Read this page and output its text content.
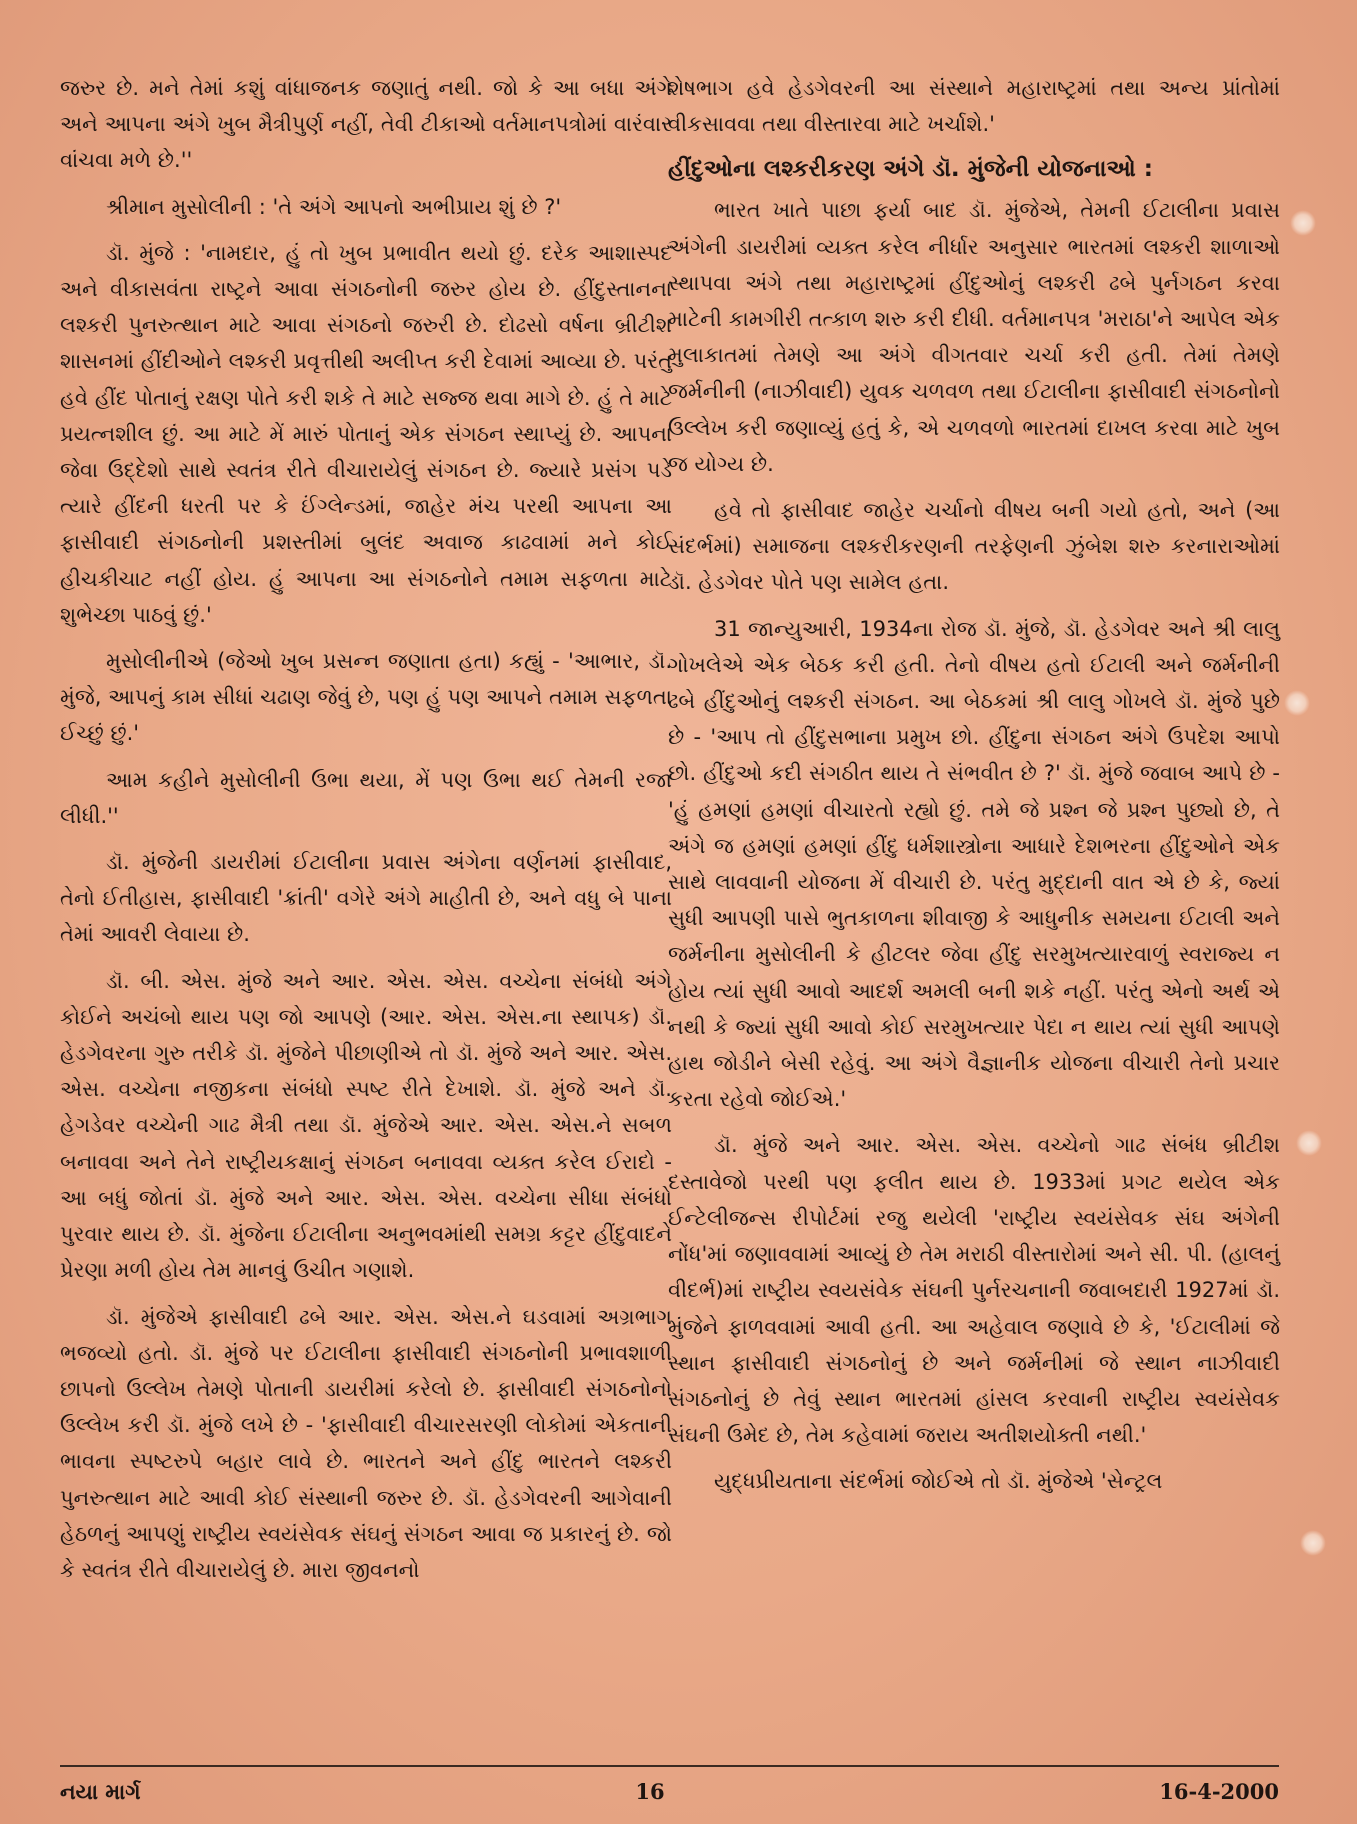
જરુર છે. મને તેમાં કશું વાંધાજનક જણાતું નથી. જો કે આ બધા અંગે અને આપના અંગે ખુબ મૈત્રીપુર્ણ નહીં, તેવી ટીકાઓ વર્તમાનપત્રોમાં વારંવાર વાંચવા મળે છે.''

શ્રીમાન મુસોલીની : 'તે અંગે આપનો અભીપ્રાય શું છે ?'

ડૉ. મુંજે : 'નામદાર, હું તો ખુબ પ્રભાવીત થયો છું. દરેક આશાસ્પદ અને વીકાસવંતા રાષ્ટ્રને આવા સંગઠનોની જરુર હોય છે. હીંદુસ્તાનના લશ્કરી પુનરુત્થાન માટે આવા સંગઠનો જરુરી છે. દોઢસો વર્ષના બ્રીટીશ શાસનમાં હીંદીઓને લશ્કરી પ્રવૃત્તીથી અલીપ્ત કરી દેવામાં આવ્યા છે. પરંતુ હવે હીંદ પોતાનું રક્ષણ પોતે કરી શકે તે માટે સજ્જ થવા માગે છે. હું તે માટે પ્રયત્નશીલ છું. આ માટે મેં મારું પોતાનું એક સંગઠન સ્થાપ્યું છે. આપના જેવા ઉદ્દેશો સાથે સ્વતંત્ર રીતે વીચારાયેલું સંગઠન છે. જ્યારે પ્રસંગ પડે ત્યારે હીંદની ધરતી પર કે ઈંગ્લેન્ડમાં, જાહેર મંચ પરથી આપના આ ફાસીવાદી સંગઠનોની પ્રશસ્તીમાં બુલંદ અવાજ કાઢવામાં મને કોઈ હીચકીચાટ નહીં હોય. હું આપના આ સંગઠનોને તમામ સફળતા માટે શુભેચ્છા પાઠવું છું.'

મુસોલીનીએ (જેઓ ખુબ પ્રસન્ન જણાતા હતા) કહ્યું - 'આભાર, ડૉ. મુંજે, આપનું કામ સીધાં ચઢાણ જેવું છે, પણ હું પણ આપને તમામ સફળતા ઈચ્છું છું.'

આમ કહીને મુસોલીની ઉભા થયા, મેં પણ ઉભા થઈ તેમની રજા લીધી.''

ડૉ. મુંજેની ડાયરીમાં ઈટાલીના પ્રવાસ અંગેના વર્ણનમાં ફાસીવાદ, તેનો ઈતીહાસ, ફાસીવાદી 'ક્રાંતી' વગેરે અંગે માહીતી છે, અને વધુ બે પાના તેમાં આવરી લેવાયા છે.

ડૉ. બી. એસ. મુંજે અને આર. એસ. એસ. વચ્ચેના સંબંધો અંગે કોઈને અચંબો થાય પણ જો આપણે (આર. એસ. એસ.ના સ્થાપક) ડૉ. હેડગેવરના ગુરુ તરીકે ડૉ. મુંજેને પીછાણીએ તો ડૉ. મુંજે અને આર. એસ. એસ. વચ્ચેના નજીકના સંબંધો સ્પષ્ટ રીતે દેખાશે. ડૉ. મુંજે અને ડૉ. હેગડેવર વચ્ચેની ગાઢ મૈત્રી તથા ડૉ. મુંજેએ આર. એસ. એસ.ને સબળ બનાવવા અને તેને રાષ્ટ્રીયકક્ષાનું સંગઠન બનાવવા વ્યક્ત કરેલ ઈરાદો - આ બધું જોતાં ડૉ. મુંજે અને આર. એસ. એસ. વચ્ચેના સીધા સંબંધો પુરવાર થાય છે. ડૉ. મુંજેના ઈટાલીના અનુભવમાંથી સમગ્ર કટ્ટર હીંદુવાદને પ્રેરણા મળી હોય તેમ માનવું ઉચીત ગણાશે.

ડૉ. મુંજેએ ફાસીવાદી ઢબે આર. એસ. એસ.ને ઘડવામાં અગ્રભાગ ભજવ્યો હતો. ડૉ. મુંજે પર ઈટાલીના ફાસીવાદી સંગઠનોની પ્રભાવશાળી છાપનો ઉલ્લેખ તેમણે પોતાની ડાયરીમાં કરેલો છે. ફાસીવાદી સંગઠનોનો ઉલ્લેખ કરી ડૉ. મુંજે લખે છે - 'ફાસીવાદી વીચારસરણી લોકોમાં એકતાની ભાવના સ્પષ્ટરુપે બહાર લાવે છે. ભારતને અને હીંદુ ભારતને લશ્કરી પુનરુત્થાન માટે આવી કોઈ સંસ્થાની જરુર છે. ડૉ. હેડગેવરની આગેવાની હેઠળનું આપણું રાષ્ટ્રીય સ્વયંસેવક સંઘનું સંગઠન આવા જ પ્રકારનું છે. જો કે સ્વતંત્ર રીતે વીચારાયેલું છે. મારા જીવનનો

શેષભાગ હવે હેડગેવરની આ સંસ્થાને મહારાષ્ટ્રમાં તથા અન્ય પ્રાંતોમાં વીકસાવવા તથા વીસ્તારવા માટે ખર્ચાશે.'

હીંદુઓના લશ્કરીકરણ અંગે ડૉ. મુંજેની યોજનાઓ :

ભારત ખાતે પાછા ફર્યા બાદ ડૉ. મુંજેએ, તેમની ઈટાલીના પ્રવાસ અંગેની ડાયરીમાં વ્યક્ત કરેલ નીર્ધાર અનુસાર ભારતમાં લશ્કરી શાળાઓ સ્થાપવા અંગે તથા મહારાષ્ટ્રમાં હીંદુઓનું લશ્કરી ઢબે પુર્નગઠન કરવા માટેની કામગીરી તત્કાળ શરુ કરી દીધી. વર્તમાનપત્ર 'મરાઠા'ને આપેલ એક મુલાકાતમાં તેમણે આ અંગે વીગતવાર ચર્ચા કરી હતી. તેમાં તેમણે જર્મનીની (નાઝીવાદી) યુવક ચળવળ તથા ઈટાલીના ફાસીવાદી સંગઠનોનો ઉલ્લેખ કરી જણાવ્યું હતું કે, એ ચળવળો ભારતમાં દાખલ કરવા માટે ખુબ જ યોગ્ય છે.

હવે તો ફાસીવાદ જાહેર ચર્ચાનો વીષય બની ગયો હતો, અને (આ સંદર્ભમાં) સમાજના લશ્કરીકરણની તરફેણની ઝુંબેશ શરુ કરનારાઓમાં ડૉ. હેડગેવર પોતે પણ સામેલ હતા.

31 જાન્યુઆરી, 1934ના રોજ ડૉ. મુંજે, ડૉ. હેડગેવર અને શ્રી લાલુ ગોખલેએ એક બેઠક કરી હતી. તેનો વીષય હતો ઈટાલી અને જર્મનીની ઢબે હીંદુઓનું લશ્કરી સંગઠન. આ બેઠકમાં શ્રી લાલુ ગોખલે ડૉ. મુંજે પુછે છે - 'આપ તો હીંદુસભાના પ્રમુખ છો. હીંદુના સંગઠન અંગે ઉપદેશ આપો છો. હીંદુઓ કદી સંગઠીત થાય તે સંભવીત છે ?' ડૉ. મુંજે જવાબ આપે છે - 'હું હમણાં હમણાં વીચારતો રહ્યો છું. તમે જે પ્રશ્ન જે પ્રશ્ન પુછ્યો છે, તે અંગે જ હમણાં હમણાં હીંદુ ધર્મશાસ્ત્રોના આધારે દેશભરના હીંદુઓને એક સાથે લાવવાની યોજના મેં વીચારી છે. પરંતુ મુદ્દાની વાત એ છે કે, જ્યાં સુધી આપણી પાસે ભુતકાળના શીવાજી કે આધુનીક સમયના ઈટાલી અને જર્મનીના મુસોલીની કે હીટલર જેવા હીંદુ સરમુખત્યારવાળું સ્વરાજ્ય ન હોય ત્યાં સુધી આવો આદર્શ અમલી બની શકે નહીં. પરંતુ એનો અર્થ એ નથી કે જ્યાં સુધી આવો કોઈ સરમુખત્યાર પેદા ન થાય ત્યાં સુધી આપણે હાથ જોડીને બેસી રહેવું. આ અંગે વૈજ્ઞાનીક યોજના વીચારી તેનો પ્રચાર કરતા રહેવો જોઈએ.'

ડૉ. મુંજે અને આર. એસ. એસ. વચ્ચેનો ગાઢ સંબંધ બ્રીટીશ દસ્તાવેજો પરથી પણ ફલીત થાય છે. 1933માં પ્રગટ થયેલ એક ઈન્ટેલીજન્સ રીપોર્ટમાં રજુ થયેલી 'રાષ્ટ્રીય સ્વયંસેવક સંઘ અંગેની નોંધ'માં જણાવવામાં આવ્યું છે તેમ મરાઠી વીસ્તારોમાં અને સી. પી. (હાલનું વીદર્ભ)માં રાષ્ટ્રીય સ્વયસંવેક સંઘની પુર્નરચનાની જવાબદારી 1927માં ડૉ. મુંજેને ફાળવવામાં આવી હતી. આ અહેવાલ જણાવે છે કે, 'ઈટાલીમાં જે સ્થાન ફાસીવાદી સંગઠનોનું છે અને જર્મનીમાં જે સ્થાન નાઝીવાદી સંગઠનોનું છે તેવું સ્થાન ભારતમાં હાંસલ કરવાની રાષ્ટ્રીય સ્વયંસેવક સંઘની ઉમેદ છે, તેમ કહેવામાં જરાય અતીશયોક્તી નથી.'

યુદ્ધપ્રીયતાના સંદર્ભમાં જોઈએ તો ડૉ. મુંજેએ 'સેન્ટ્રલ

નયા માર્ગ	16	16-4-2000
